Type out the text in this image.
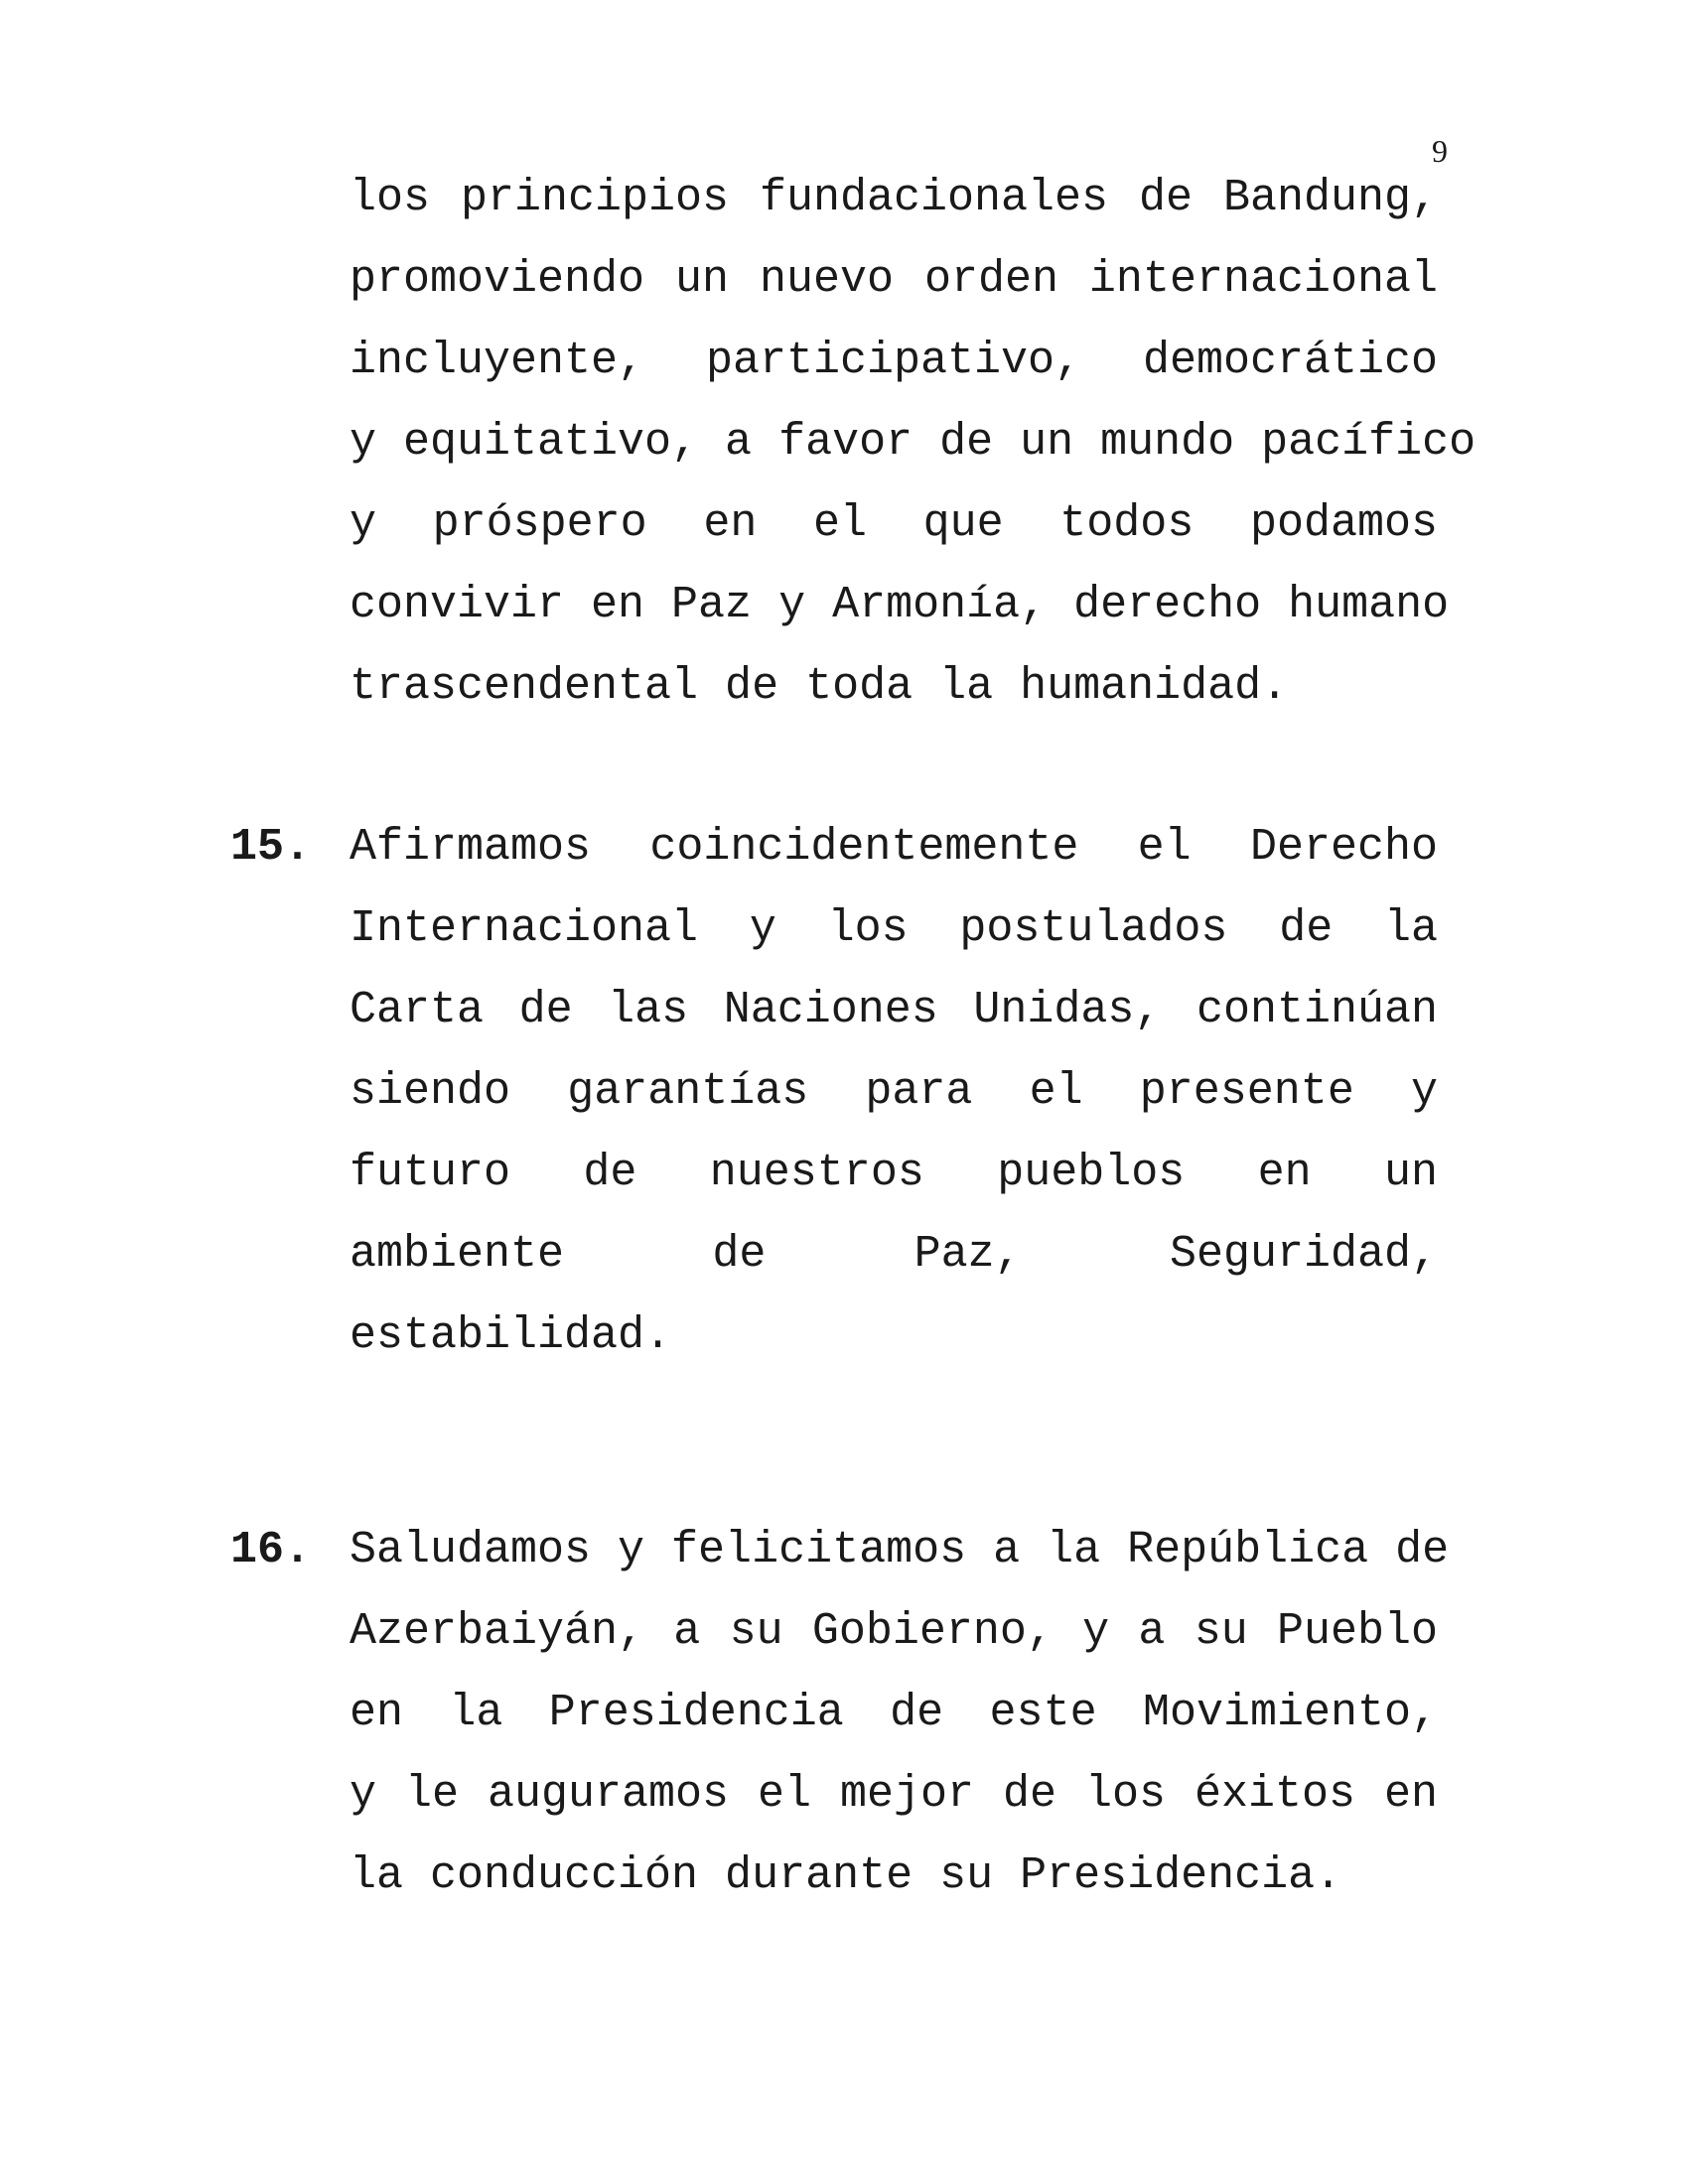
9
los principios fundacionales de Bandung,
promoviendo un nuevo orden internacional
incluyente, participativo, democrático
y equitativo, a favor de un mundo pacífico
y próspero en el que todos podamos
convivir en Paz y Armonía, derecho humano
trascendental de toda la humanidad.
15. Afirmamos coincidentemente el Derecho
Internacional y los postulados de la
Carta de las Naciones Unidas, continúan
siendo garantías para el presente y
futuro de nuestros pueblos en un
ambiente de Paz, Seguridad,
estabilidad.
16. Saludamos y felicitamos a la República de
Azerbaiyán, a su Gobierno, y a su Pueblo
en la Presidencia de este Movimiento,
y le auguramos el mejor de los éxitos en
la conducción durante su Presidencia.
